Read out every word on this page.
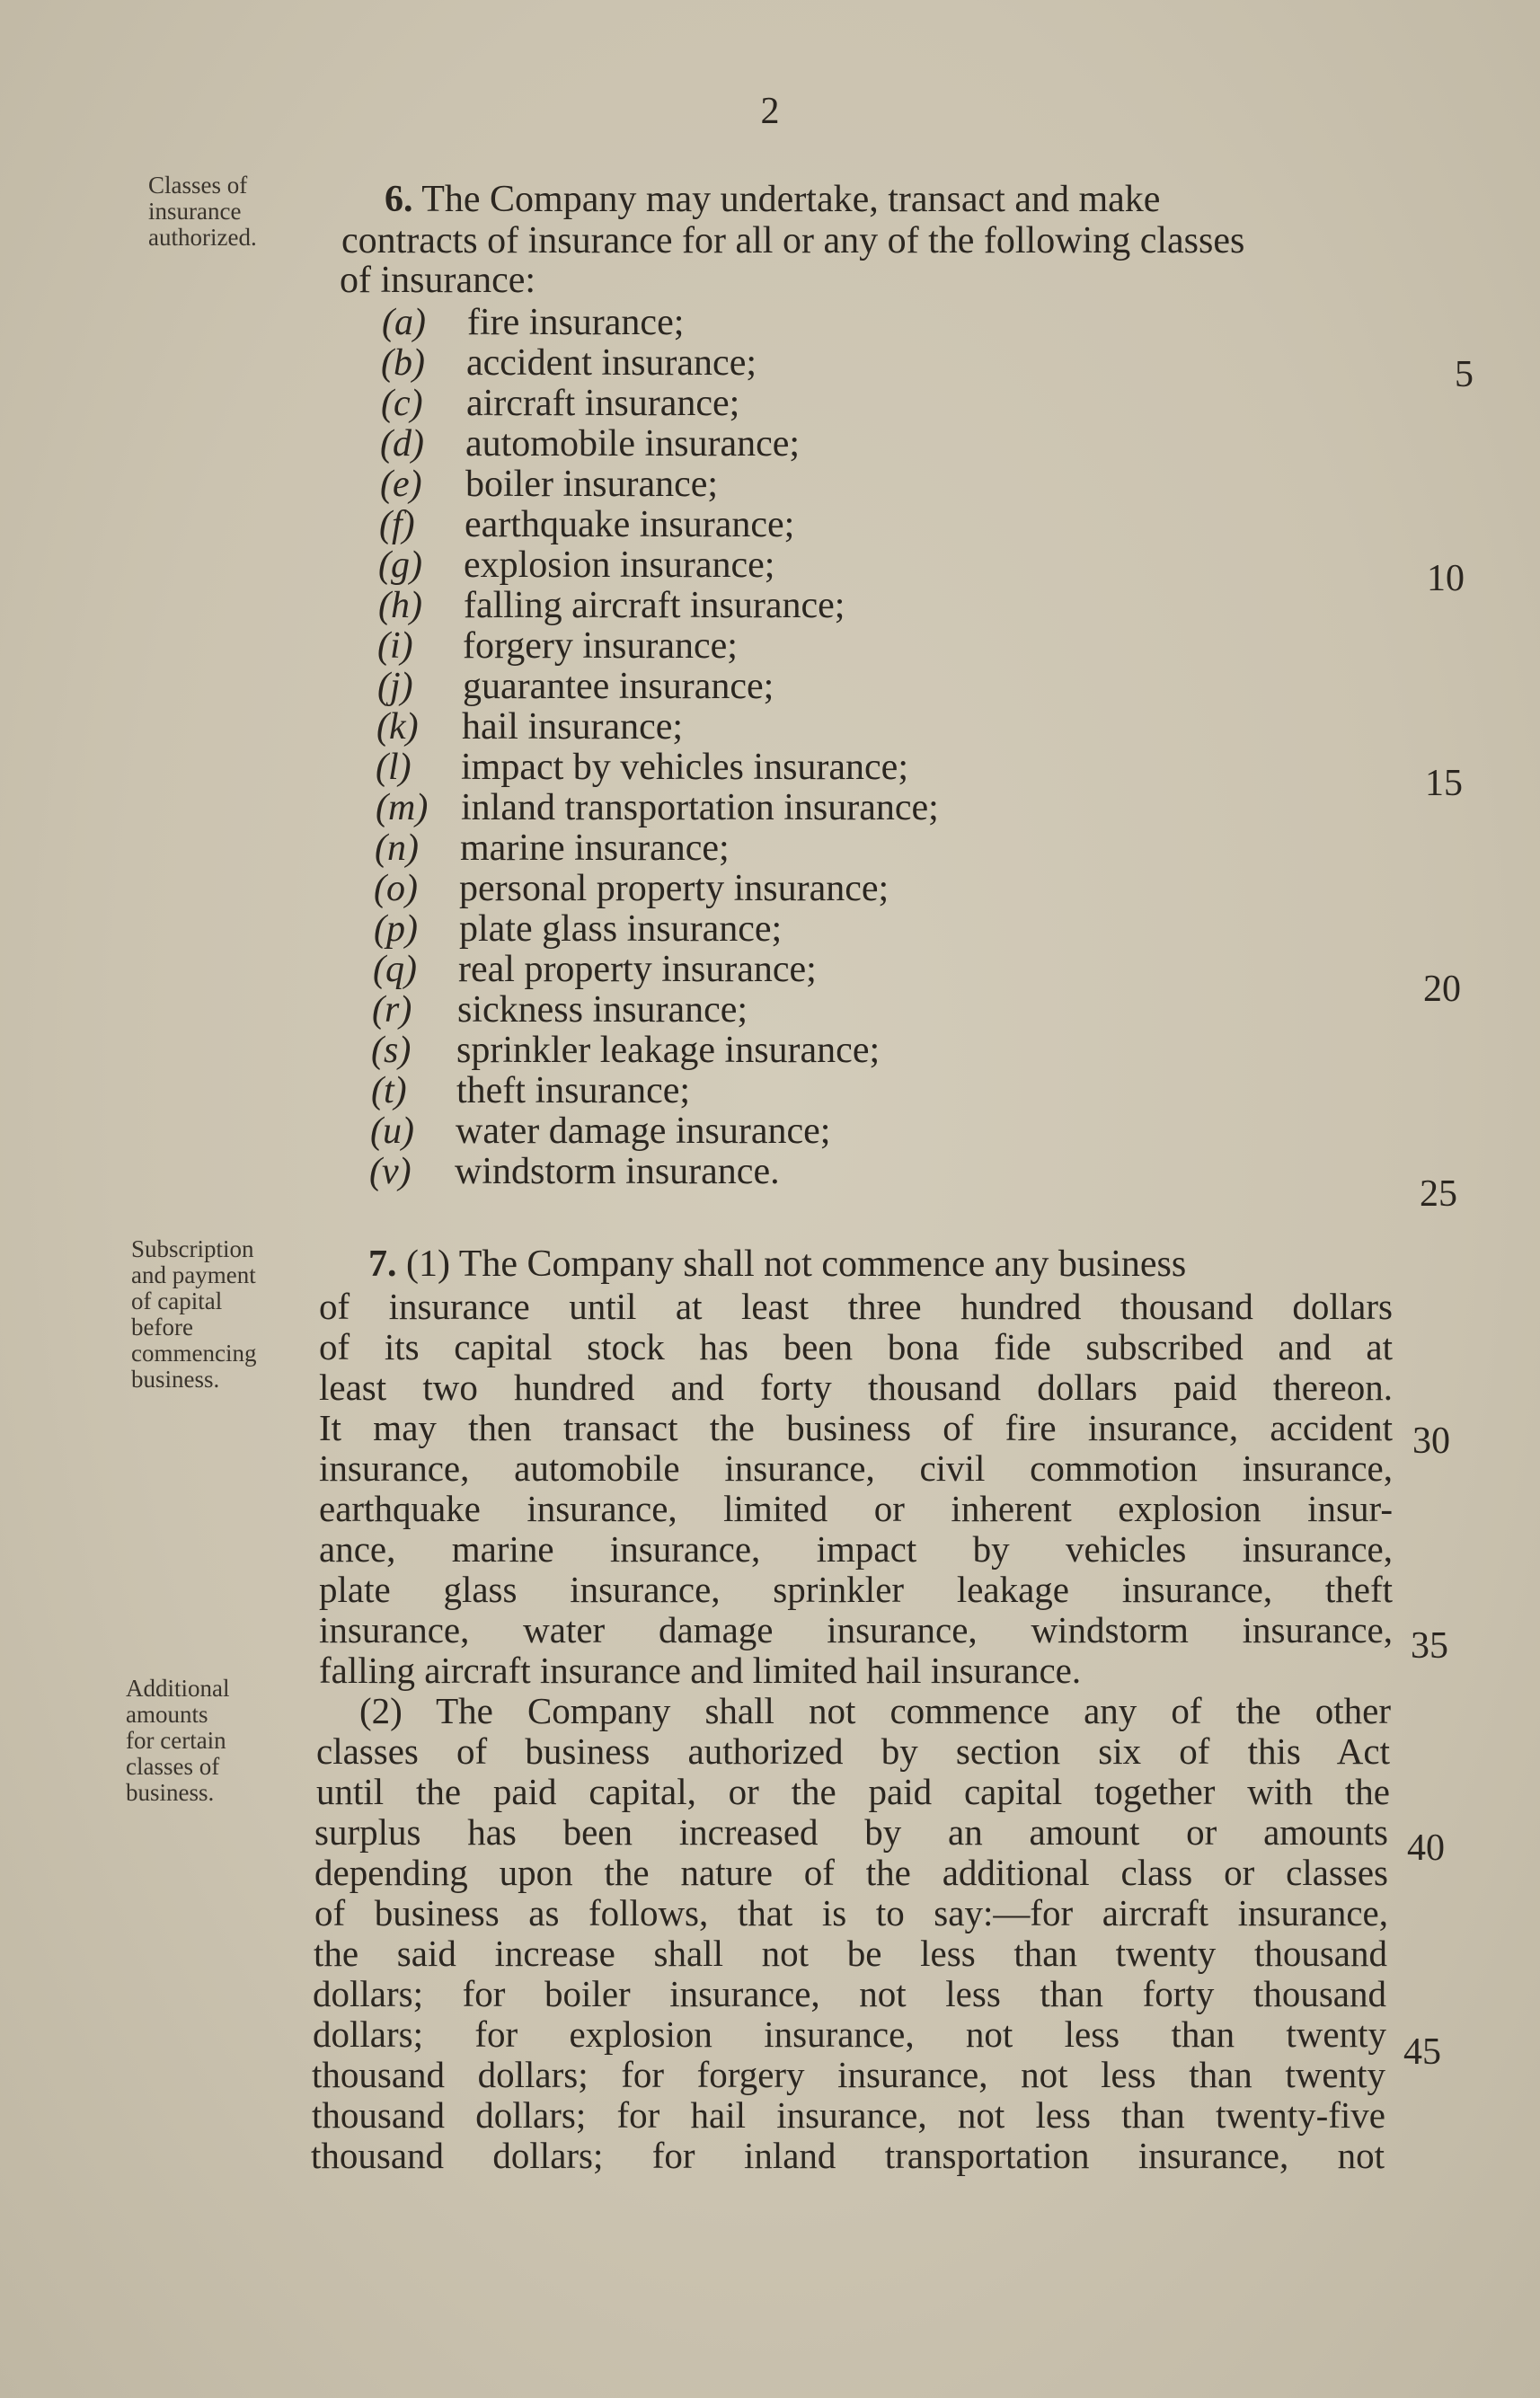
2
Classes of
insurance
authorized.
Subscription
and payment
of capital
before
commencing
business.
Additional
amounts
for certain
classes of
business.
6. The Company may undertake, transact and make
contracts of insurance for all or any of the following classes
of insurance:
(a) fire insurance;
(b) accident insurance;
(c) aircraft insurance;
(d) automobile insurance;
(e) boiler insurance;
(f) earthquake insurance;
(g) explosion insurance;
(h) falling aircraft insurance;
(i) forgery insurance;
(j) guarantee insurance;
(k) hail insurance;
(l) impact by vehicles insurance;
(m) inland transportation insurance;
(n) marine insurance;
(o) personal property insurance;
(p) plate glass insurance;
(q) real property insurance;
(r) sickness insurance;
(s) sprinkler leakage insurance;
(t) theft insurance;
(u) water damage insurance;
(v) windstorm insurance.
7. (1) The Company shall not commence any business
of insurance until at least three hundred thousand dollars
of its capital stock has been bona fide subscribed and at
least two hundred and forty thousand dollars paid thereon.
It may then transact the business of fire insurance, accident
insurance, automobile insurance, civil commotion insurance,
earthquake insurance, limited or inherent explosion insur-
ance, marine insurance, impact by vehicles insurance,
plate glass insurance, sprinkler leakage insurance, theft
insurance, water damage insurance, windstorm insurance,
falling aircraft insurance and limited hail insurance.
(2) The Company shall not commence any of the other
classes of business authorized by section six of this Act
until the paid capital, or the paid capital together with the
surplus has been increased by an amount or amounts
depending upon the nature of the additional class or classes
of business as follows, that is to say:—for aircraft insurance,
the said increase shall not be less than twenty thousand
dollars; for boiler insurance, not less than forty thousand
dollars; for explosion insurance, not less than twenty
thousand dollars; for forgery insurance, not less than twenty
thousand dollars; for hail insurance, not less than twenty-five
thousand dollars; for inland transportation insurance, not
5
10
15
20
25
30
35
40
45
